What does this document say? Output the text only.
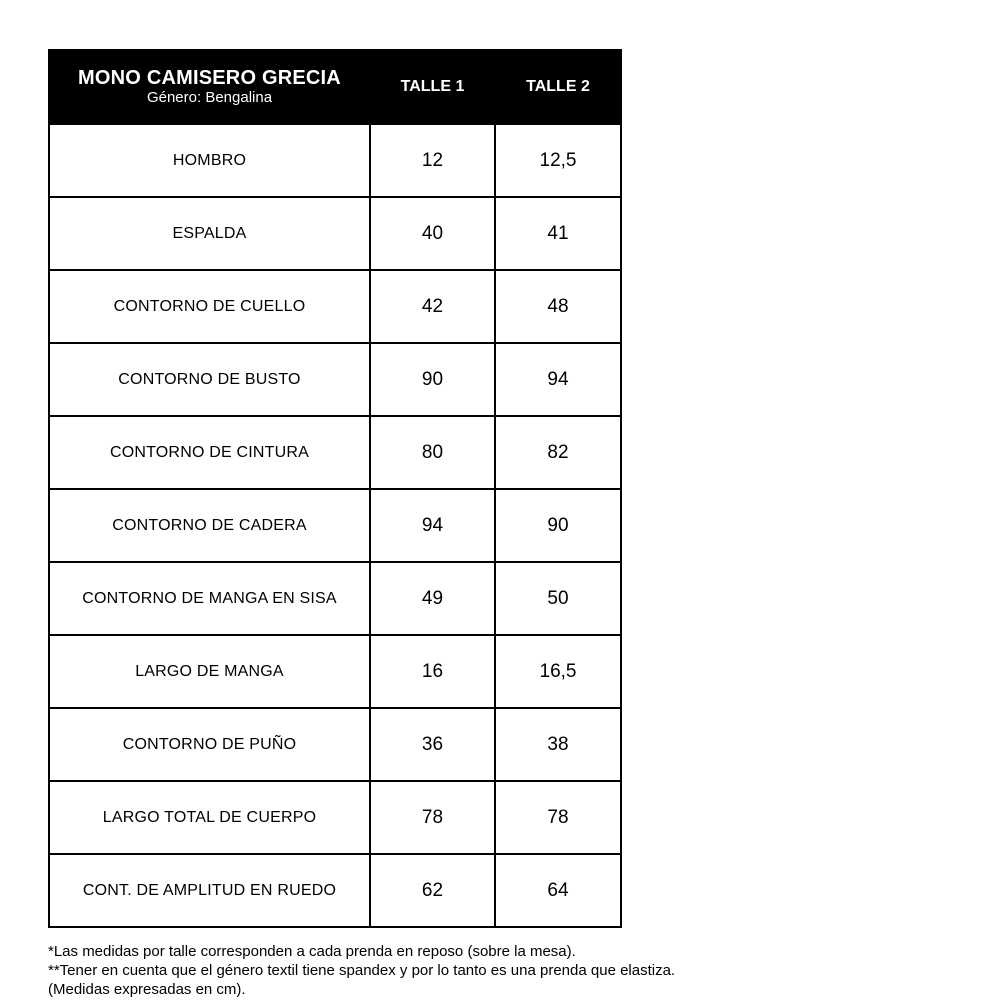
MONO CAMISERO GRECIA
Género: Bengalina	TALLE 1	TALLE 2
HOMBRO	12	12,5
ESPALDA	40	41
CONTORNO DE CUELLO	42	48
CONTORNO DE BUSTO	90	94
CONTORNO DE CINTURA	80	82
CONTORNO DE CADERA	94	90
CONTORNO DE MANGA EN SISA	49	50
LARGO DE MANGA	16	16,5
CONTORNO DE PUÑO	36	38
LARGO TOTAL DE CUERPO	78	78
CONT. DE AMPLITUD EN RUEDO	62	64
*Las medidas por talle corresponden a cada prenda en reposo (sobre la mesa).
**Tener en cuenta que el género textil tiene spandex y por lo tanto es una prenda que elastiza.
(Medidas expresadas en cm).
